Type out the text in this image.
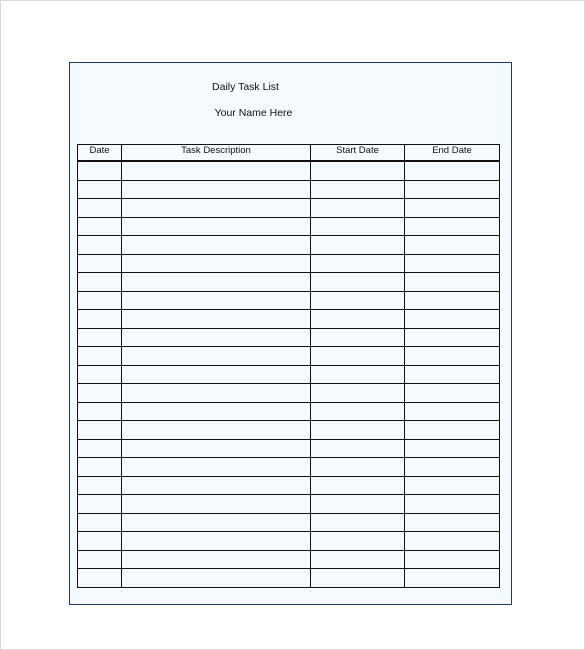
Daily Task List
Your Name Here
Date	Task Description	Start Date	End Date
